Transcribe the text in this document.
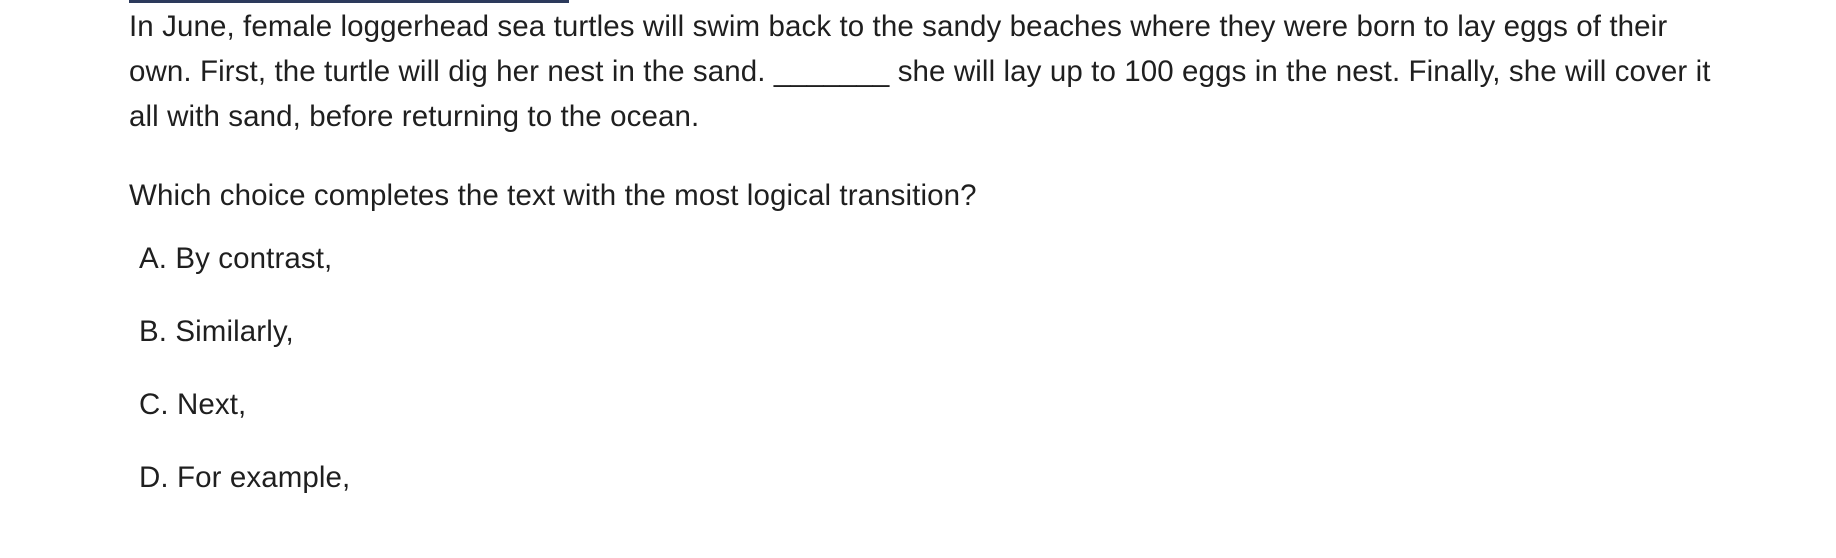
In June, female loggerhead sea turtles will swim back to the sandy beaches where they were born to lay eggs of their own. First, the turtle will dig her nest in the sand. _______ she will lay up to 100 eggs in the nest. Finally, she will cover it all with sand, before returning to the ocean.

Which choice completes the text with the most logical transition?

A. By contrast,
B. Similarly,
C. Next,
D. For example,
